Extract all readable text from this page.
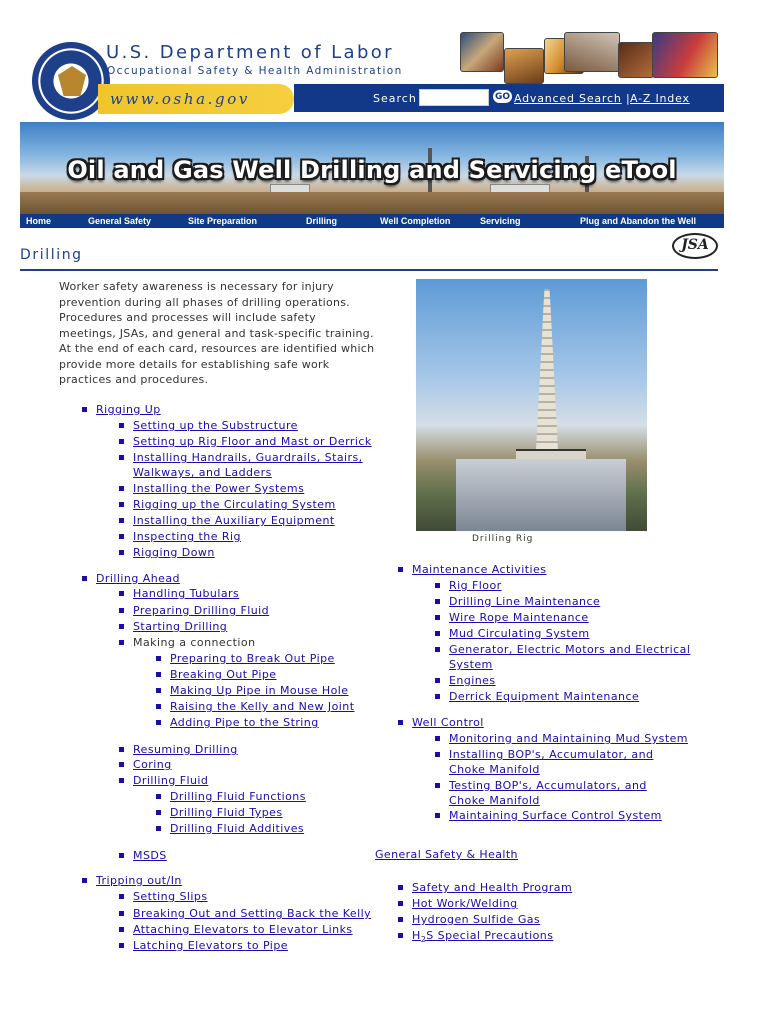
U.S. Department of Labor
Occupational Safety & Health Administration
www.osha.gov	Search	GO Advanced Search | A-Z Index
Oil and Gas Well Drilling and Servicing eTool
Home	General Safety	Site Preparation	Drilling	Well Completion	Servicing	Plug and Abandon the Well
Drilling
JSA
Worker safety awareness is necessary for injury prevention during all phases of drilling operations. Procedures and processes will include safety meetings, JSAs, and general and task-specific training. At the end of each card, resources are identified which provide more details for establishing safe work practices and procedures.
Drilling Rig
Rigging Up
Setting up the Substructure
Setting up Rig Floor and Mast or Derrick
Installing Handrails, Guardrails, Stairs,
Walkways, and Ladders
Installing the Power Systems
Rigging up the Circulating System
Installing the Auxiliary Equipment
Inspecting the Rig
Rigging Down
Drilling Ahead
Handling Tubulars
Preparing Drilling Fluid
Starting Drilling
Making a connection
Preparing to Break Out Pipe
Breaking Out Pipe
Making Up Pipe in Mouse Hole
Raising the Kelly and New Joint
Adding Pipe to the String
Resuming Drilling
Coring
Drilling Fluid
Drilling Fluid Functions
Drilling Fluid Types
Drilling Fluid Additives
MSDS
Tripping out/In
Setting Slips
Breaking Out and Setting Back the Kelly
Attaching Elevators to Elevator Links
Latching Elevators to Pipe
Maintenance Activities
Rig Floor
Drilling Line Maintenance
Wire Rope Maintenance
Mud Circulating System
Generator, Electric Motors and Electrical
System
Engines
Derrick Equipment Maintenance
Well Control
Monitoring and Maintaining Mud System
Installing BOP's, Accumulator, and
Choke Manifold
Testing BOP's, Accumulators, and
Choke Manifold
Maintaining Surface Control System
General Safety & Health
Safety and Health Program
Hot Work/Welding
Hydrogen Sulfide Gas
$H_2S$ Special Precautions
